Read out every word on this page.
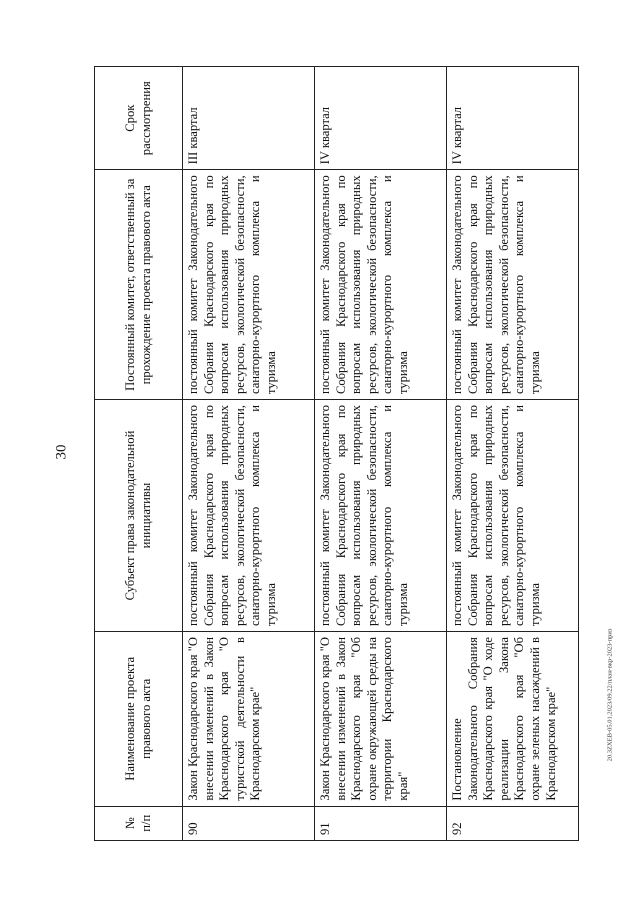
30
№ п/п	Наименование проекта правового акта	Субъект права законодательной инициативы	Постоянный комитет, ответственный за прохождение проекта правового акта	Срок рассмотрения
90	Закон Краснодарского края "О внесении изменений в Закон Краснодарского края "О туристской деятельности в Краснодарском крае"	постоянный комитет Законодательного Собрания Краснодарского края по вопросам использования природных ресурсов, экологической безопасности, санаторно-курортного комплекса и туризма	постоянный комитет Законодательного Собрания Краснодарского края по вопросам использования природных ресурсов, экологической безопасности, санаторно-курортного комплекса и туризма	III квартал
91	Закон Краснодарского края "О внесении изменений в Закон Краснодарского края "Об охране окружающей среды на территории Краснодарского края"	постоянный комитет Законодательного Собрания Краснодарского края по вопросам использования природных ресурсов, экологической безопасности, санаторно-курортного комплекса и туризма	постоянный комитет Законодательного Собрания Краснодарского края по вопросам использования природных ресурсов, экологической безопасности, санаторно-курортного комплекса и туризма	IV квартал
92	Постановление Законодательного Собрания Краснодарского края "О ходе реализации Закона Краснодарского края "Об охране зеленых насаждений в Краснодарском крае"	постоянный комитет Законодательного Собрания Краснодарского края по вопросам использования природных ресурсов, экологической безопасности, санаторно-курортного комплекса и туризма	постоянный комитет Законодательного Собрания Краснодарского края по вопросам использования природных ресурсов, экологической безопасности, санаторно-курортного комплекса и туризма	IV квартал
20.3ZXEB-05.01.2023/09.22/план-вкр-2023-приз
